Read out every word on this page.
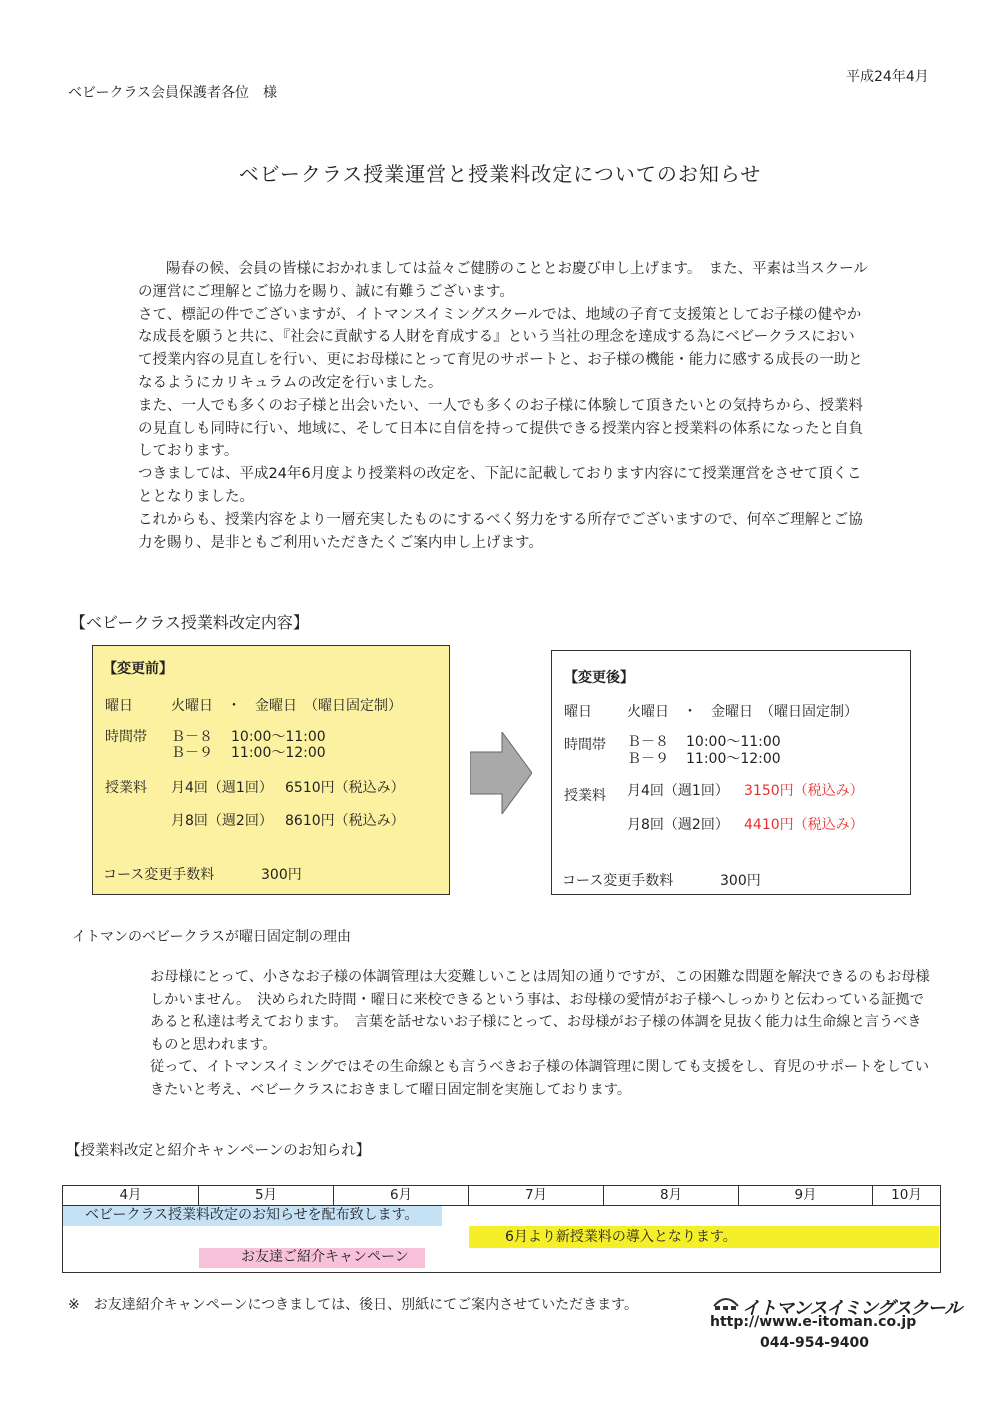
平成24年4月
ベビークラス会員保護者各位　様
ベビークラス授業運営と授業料改定についてのお知らせ

陽春の候、会員の皆様におかれましては益々ご健勝のこととお慶び申し上げます。　また、平素は当スクールの運営にご理解とご協力を賜り、誠に有難うございます。

さて、標記の件でございますが、イトマンスイミングスクールでは、地域の子育て支援策としてお子様の健やかな成長を願うと共に、『社会に貢献する人財を育成する』という当社の理念を達成する為にベビークラスにおいて授業内容の見直しを行い、更にお母様にとって育児のサポートと、お子様の機能・能力に感する成長の一助となるようにカリキュラムの改定を行いました。

また、一人でも多くのお子様と出会いたい、一人でも多くのお子様に体験して頂きたいとの気持ちから、授業料の見直しも同時に行い、地域に、そして日本に自信を持って提供できる授業内容と授業料の体系になったと自負しております。

つきましては、平成24年6月度より授業料の改定を、下記に記載しております内容にて授業運営をさせて頂くこととなりました。

これからも、授業内容をより一層充実したものにするべく努力をする所存でございますので、何卒ご理解とご協力を賜り、是非ともご利用いただきたくご案内申し上げます。

【ベビークラス授業料改定内容】
【変更前】
曜日	火曜日　・　金曜日　（曜日固定制）
時間帯 Ｂ－８ 10:00～11:00
Ｂ－９ 11:00～12:00
授業料 月4回（週1回） 6510円（税込み）
月8回（週2回） 8610円（税込み）
コース変更手数料	300円
【変更後】
曜日	火曜日　・　金曜日　（曜日固定制）
時間帯 Ｂ－８ 10:00～11:00
Ｂ－９ 11:00～12:00
授業料 月4回（週1回） 3150円（税込み）
月8回（週2回） 4410円（税込み）
コース変更手数料	300円
イトマンのベビークラスが曜日固定制の理由

お母様にとって、小さなお子様の体調管理は大変難しいことは周知の通りですが、この困難な問題を解決できるのもお母様しかいません。　決められた時間・曜日に来校できるという事は、お母様の愛情がお子様へしっかりと伝わっている証拠であると私達は考えております。　言葉を話せないお子様にとって、お母様がお子様の体調を見抜く能力は生命線と言うべきものと思われます。

従って、イトマンスイミングではその生命線とも言うべきお子様の体調管理に関しても支援をし、育児のサポートをしていきたいと考え、ベビークラスにおきまして曜日固定制を実施しております。

【授業料改定と紹介キャンペーンのお知られ】
4月	5月	6月	7月	8月	9月	10月
ベビークラス授業料改定のお知らせを配布致します。
6月より新授業料の導入となります。
お友達ご紹介キャンペーン
※　お友達紹介キャンペーンにつきましては、後日、別紙にてご案内させていただきます。	イトマンスイミングスクール
http://www.e-itoman.co.jp
044-954-9400
